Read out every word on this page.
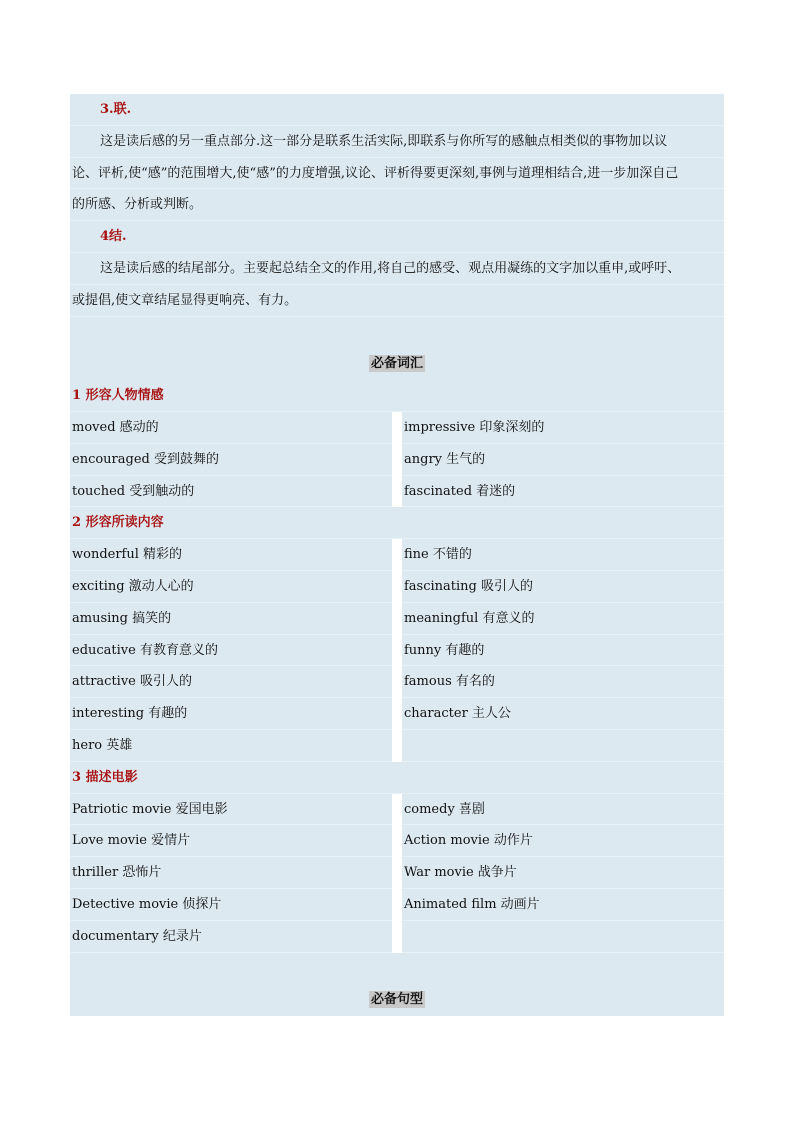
3.联.
这是读后感的另一重点部分.这一部分是联系生活实际,即联系与你所写的感触点相类似的事物加以议
论、评析,使“感”的范围增大,使“感”的力度增强,议论、评析得要更深刻,事例与道理相结合,进一步加深自己
的所感、分析或判断。
4结.
这是读后感的结尾部分。主要起总结全文的作用,将自己的感受、观点用凝练的文字加以重申,或呼吁、
或提倡,使文章结尾显得更响亮、有力。
必备词汇
1 形容人物情感
moved 感动的	impressive 印象深刻的
encouraged 受到鼓舞的	angry 生气的
touched 受到触动的	fascinated 着迷的
2 形容所读内容
wonderful 精彩的	fine 不错的
exciting 激动人心的	fascinating 吸引人的
amusing 搞笑的	meaningful 有意义的
educative 有教育意义的	funny 有趣的
attractive 吸引人的	famous 有名的
interesting 有趣的	character 主人公
hero 英雄
3 描述电影
Patriotic movie 爱国电影	comedy 喜剧
Love movie 爱情片	Action movie 动作片
thriller 恐怖片	War movie 战争片
Detective movie 侦探片	Animated film 动画片
documentary 纪录片
必备句型
